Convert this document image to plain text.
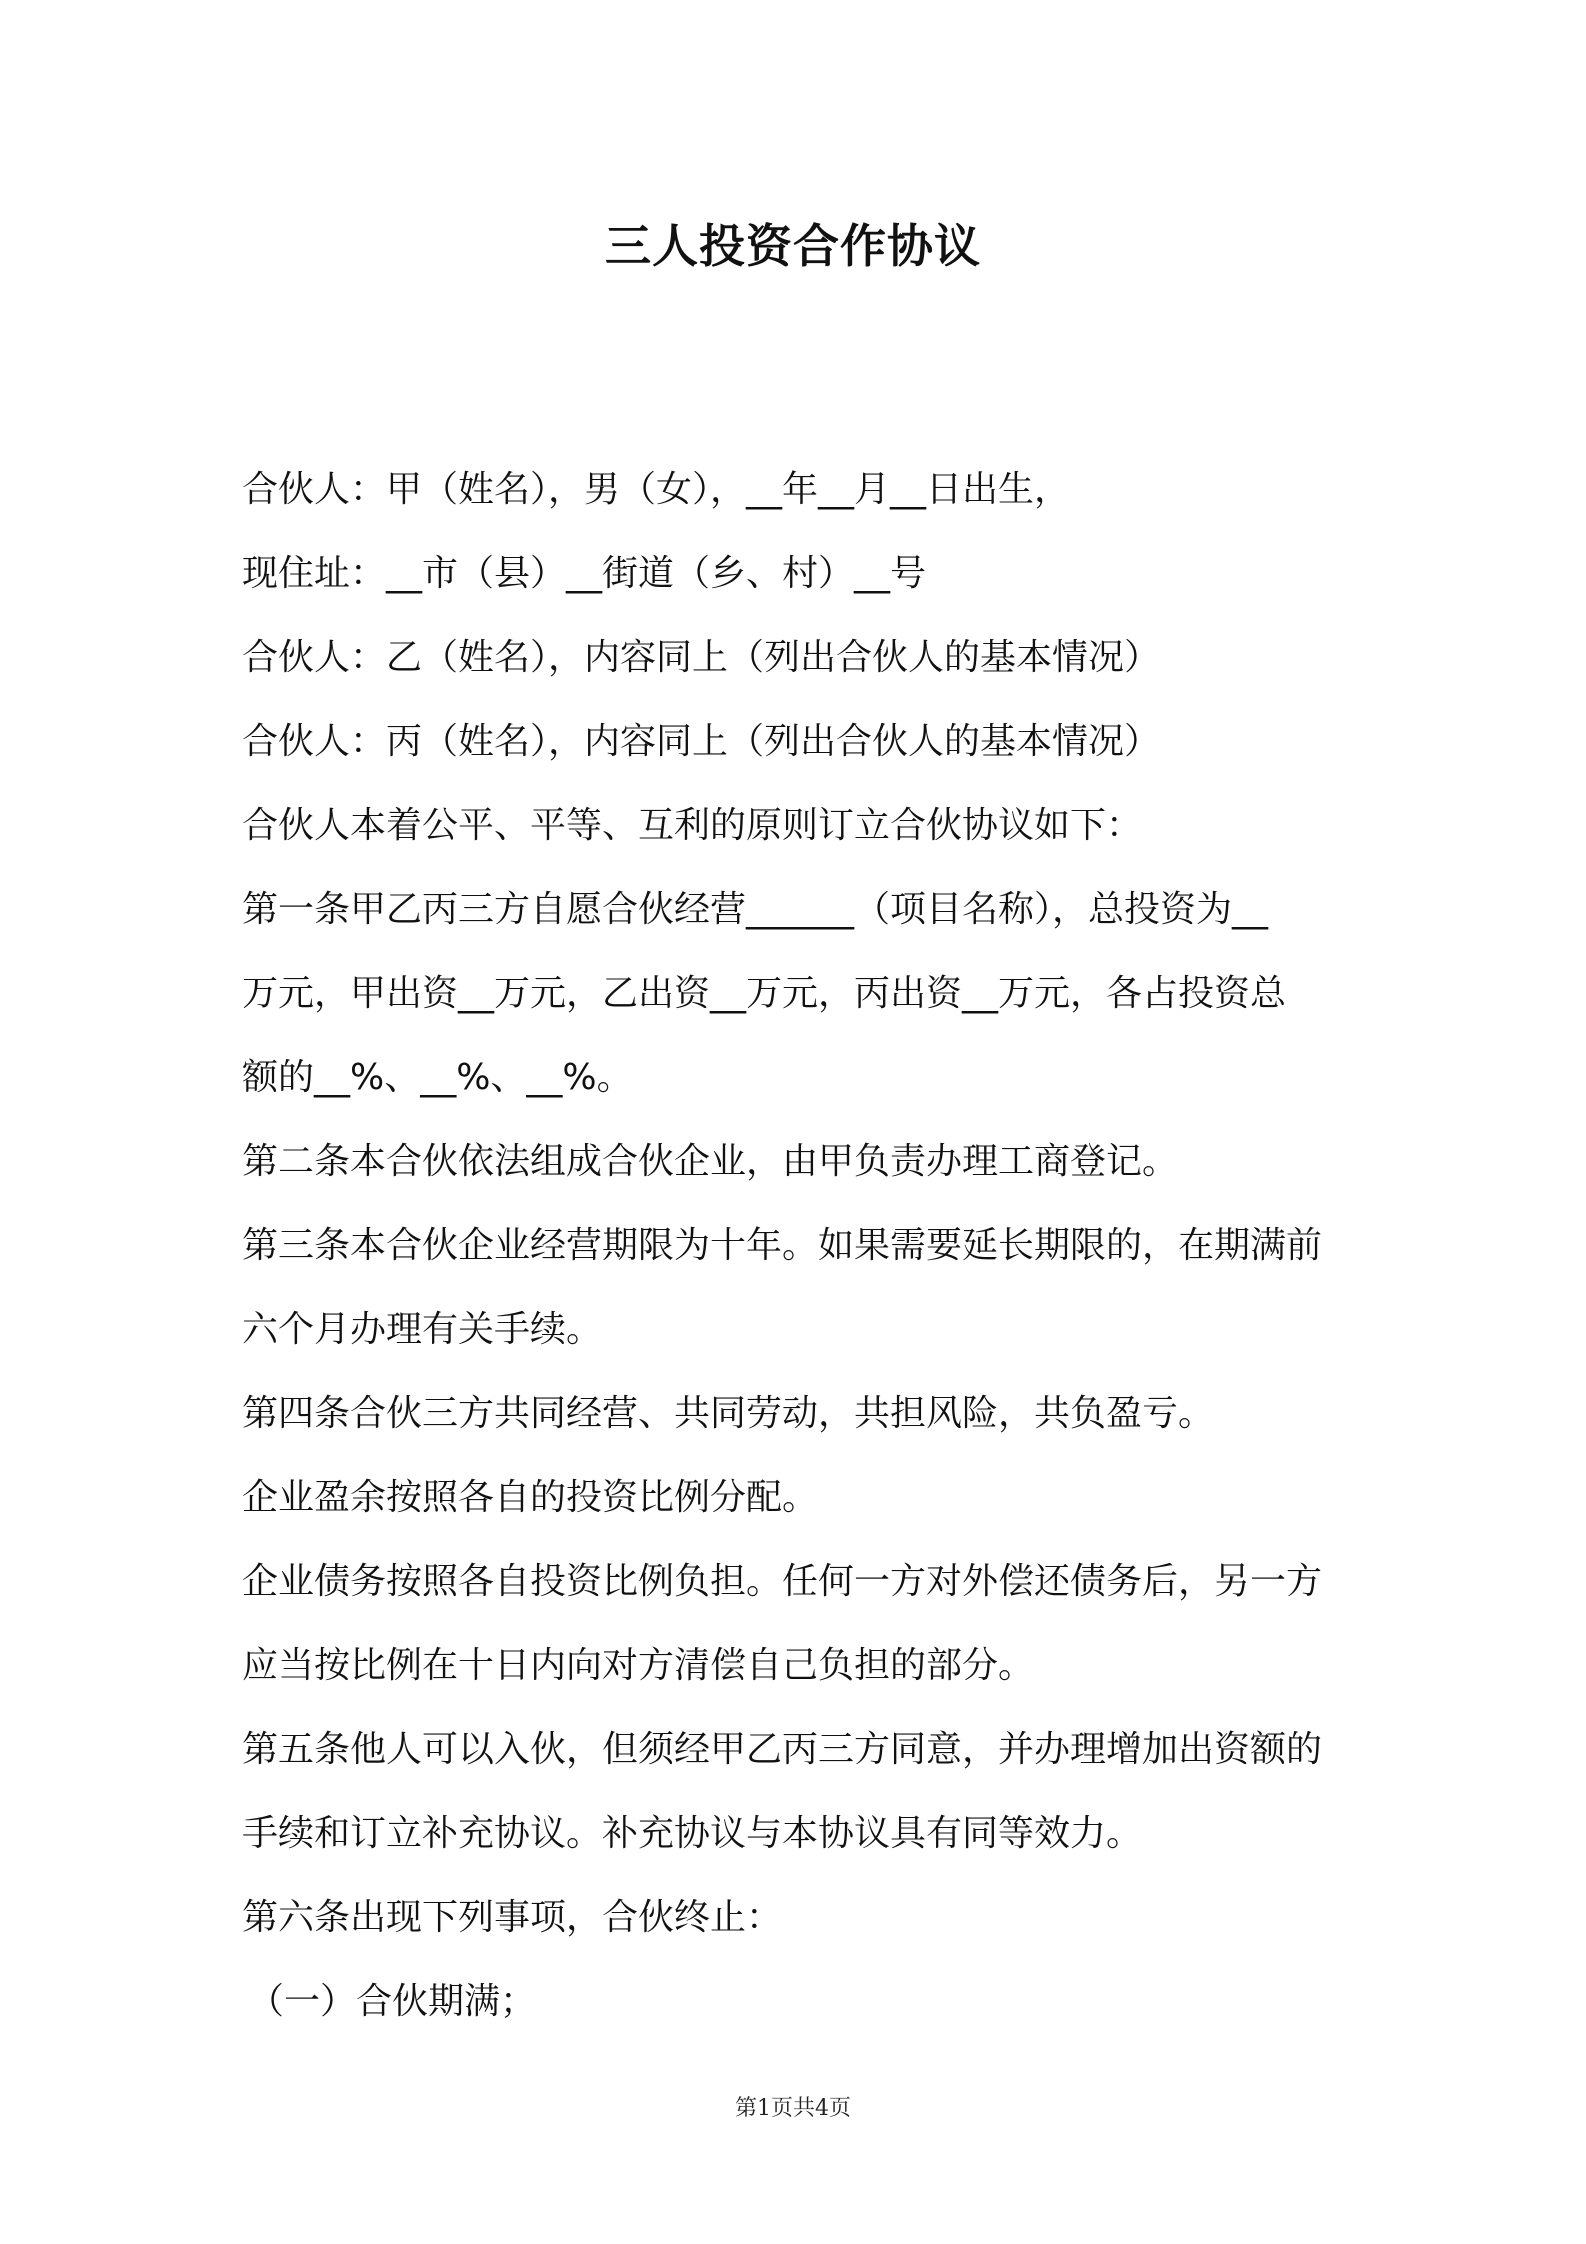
三人投资合作协议
合伙人：甲（姓名），男（女），__年__月__日出生，
现住址：__市（县）__街道（乡、村）__号
合伙人：乙（姓名），内容同上（列出合伙人的基本情况）
合伙人：丙（姓名），内容同上（列出合伙人的基本情况）
合伙人本着公平、平等、互利的原则订立合伙协议如下：
第一条甲乙丙三方自愿合伙经营______（项目名称），总投资为__
万元，甲出资__万元，乙出资__万元，丙出资__万元，各占投资总
额的__%、__%、__%。
第二条本合伙依法组成合伙企业，由甲负责办理工商登记。
第三条本合伙企业经营期限为十年。如果需要延长期限的，在期满前
六个月办理有关手续。
第四条合伙三方共同经营、共同劳动，共担风险，共负盈亏。
企业盈余按照各自的投资比例分配。
企业债务按照各自投资比例负担。任何一方对外偿还债务后，另一方
应当按比例在十日内向对方清偿自己负担的部分。
第五条他人可以入伙，但须经甲乙丙三方同意，并办理增加出资额的
手续和订立补充协议。补充协议与本协议具有同等效力。
第六条出现下列事项，合伙终止：
（一）合伙期满；
第1页共4页
